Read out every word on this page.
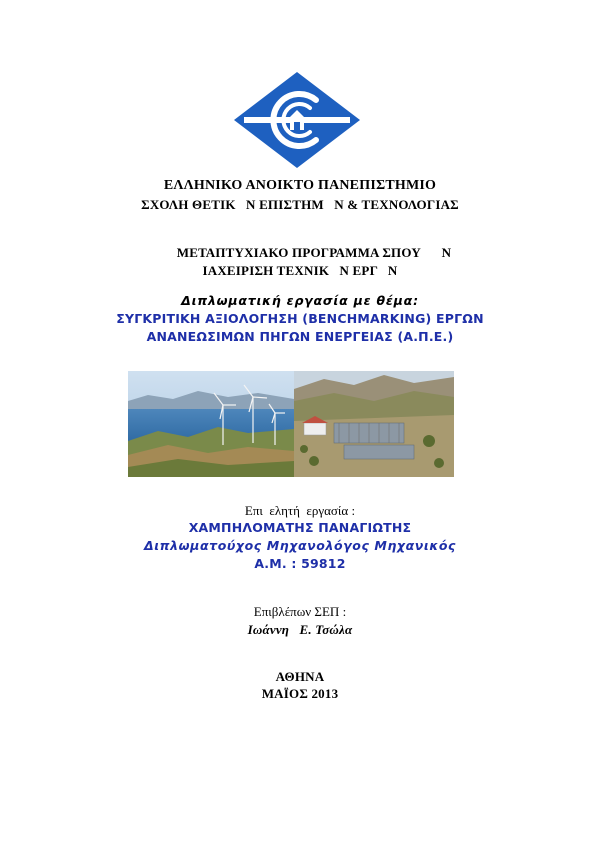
ΕΛΛΗΝΙΚΟ ΑΝΟΙΚΤΟ ΠΑΝΕΠΙΣΤΗΜΙΟ
ΣΧΟΛΗ ΘΕΤΙΚ   Ν ΕΠΙΣΤΗΜ   Ν & ΤΕΧΝΟΛΟΓΙΑΣ
ΜΕΤΑΠΤΥΧΙΑΚΟ ΠΡΟΓΡΑΜΜΑ ΣΠΟΥ      Ν
ΙΑΧΕΙΡΙΣΗ ΤΕΧΝΙΚ   Ν ΕΡΓ   Ν
Διπλωματική εργασία με θέμα:
ΣΥΓΚΡΙΤΙΚΗ ΑΞΙΟΛΟΓΗΣΗ (BENCHMARKING) ΕΡΓΩΝ
ΑΝΑΝΕΩΣΙΜΩΝ ΠΗΓΩΝ ΕΝΕΡΓΕΙΑΣ (Α.Π.Ε.)
Επι  ελητή  εργασία :
ΧΑΜΠΗΛΟΜΑΤΗΣ ΠΑΝΑΓΙΩΤΗΣ
Διπλωματούχος Μηχανολόγος Μηχανικός
Α.Μ. : 59812
Επιβλέπων ΣΕΠ :
Ιωάννη   Ε. Τσώλα
ΑΘΗΝΑ
ΜΑΪΟΣ 2013
